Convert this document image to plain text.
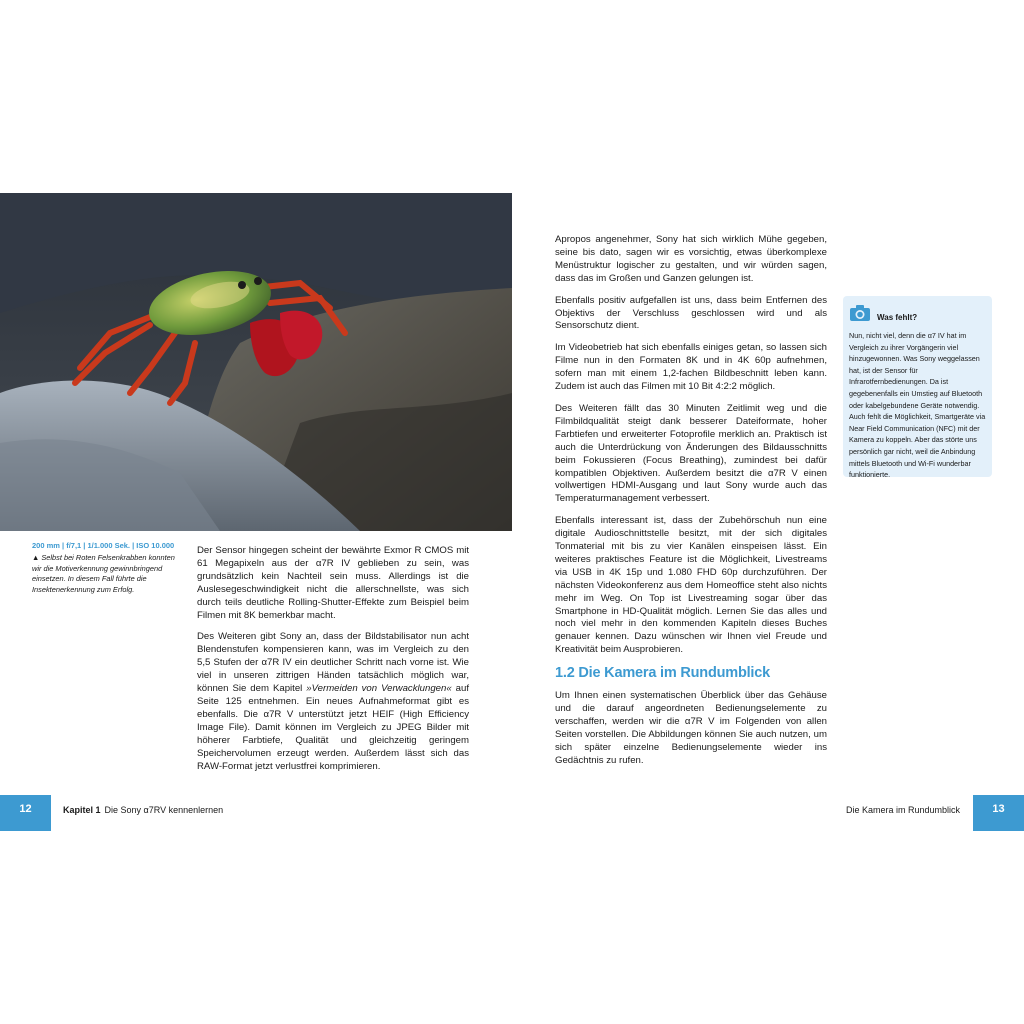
200 mm | f/7,1 | 1/1.000 Sek. | ISO 10.000
▲ Selbst bei Roten Felsenkrabben konnten wir die Motiverkennung gewinnbringend einsetzen. In diesem Fall führte die Insektenerkennung zum Erfolg.

Der Sensor hingegen scheint der bewährte Exmor R CMOS mit 61 Megapixeln aus der α7R IV geblieben zu sein, was grundsätzlich kein Nachteil sein muss. Allerdings ist die Auslesegeschwindigkeit nicht die allerschnellste, was sich durch teils deutliche Rolling-Shutter-Effekte zum Beispiel beim Filmen mit 8K bemerkbar macht.

Des Weiteren gibt Sony an, dass der Bildstabilisator nun acht Blendenstufen kompensieren kann, was im Vergleich zu den 5,5 Stufen der α7R IV ein deutlicher Schritt nach vorne ist. Wie viel in unseren zittrigen Händen tatsächlich möglich war, können Sie dem Kapitel »Vermeiden von Verwacklungen« auf Seite 125 entnehmen. Ein neues Aufnahmeformat gibt es ebenfalls. Die α7R V unterstützt jetzt HEIF (High Efficiency Image File). Damit können im Vergleich zu JPEG Bilder mit höherer Farbtiefe, Qualität und gleichzeitig geringem Speichervolumen erzeugt werden. Außerdem lässt sich das RAW-Format jetzt verlustfrei komprimieren.

Apropos angenehmer, Sony hat sich wirklich Mühe gegeben, seine bis dato, sagen wir es vorsichtig, etwas überkomplexe Menüstruktur logischer zu gestalten, und wir würden sagen, dass das im Großen und Ganzen gelungen ist.

Ebenfalls positiv aufgefallen ist uns, dass beim Entfernen des Objektivs der Verschluss geschlossen wird und als Sensorschutz dient.

Im Videobetrieb hat sich ebenfalls einiges getan, so lassen sich Filme nun in den Formaten 8K und in 4K 60p aufnehmen, sofern man mit einem 1,2-fachen Bildbeschnitt leben kann. Zudem ist auch das Filmen mit 10 Bit 4:2:2 möglich.

Des Weiteren fällt das 30 Minuten Zeitlimit weg und die Filmbildqualität steigt dank besserer Dateiformate, hoher Farbtiefen und erweiterter Fotoprofile merklich an. Praktisch ist auch die Unterdrückung von Änderungen des Bildausschnitts beim Fokussieren (Focus Breathing), zumindest bei dafür kompatiblen Objektiven. Außerdem besitzt die α7R V einen vollwertigen HDMI-Ausgang und laut Sony wurde auch das Temperaturmanagement verbessert.

Ebenfalls interessant ist, dass der Zubehörschuh nun eine digitale Audioschnittstelle besitzt, mit der sich digitales Tonmaterial mit bis zu vier Kanälen einspeisen lässt. Ein weiteres praktisches Feature ist die Möglichkeit, Livestreams via USB in 4K 15p und 1.080 FHD 60p durchzuführen. Der nächsten Videokonferenz aus dem Homeoffice steht also nichts mehr im Weg. On Top ist Livestreaming sogar über das Smartphone in HD-Qualität möglich. Lernen Sie das alles und noch viel mehr in den kommenden Kapiteln dieses Buches genauer kennen. Dazu wünschen wir Ihnen viel Freude und Kreativität beim Ausprobieren.

1.2 Die Kamera im Rundumblick

Um Ihnen einen systematischen Überblick über das Gehäuse und die darauf angeordneten Bedienungselemente zu verschaffen, werden wir die α7R V im Folgenden von allen Seiten vorstellen. Die Abbildungen können Sie auch nutzen, um sich später einzelne Bedienungselemente wieder ins Gedächtnis zu rufen.

Was fehlt?
Nun, nicht viel, denn die α7 IV hat im Vergleich zu ihrer Vorgängerin viel hinzugewonnen. Was Sony weggelassen hat, ist der Sensor für Infrarotfernbedienungen. Da ist gegebenenfalls ein Umstieg auf Bluetooth oder kabelgebundene Geräte notwendig. Auch fehlt die Möglichkeit, Smartgeräte via Near Field Communication (NFC) mit der Kamera zu koppeln. Aber das störte uns persönlich gar nicht, weil die Anbindung mittels Bluetooth und Wi-Fi wunderbar funktionierte.
12	Kapitel 1 Die Sony α7RV kennenlernen	Die Kamera im Rundumblick	13
